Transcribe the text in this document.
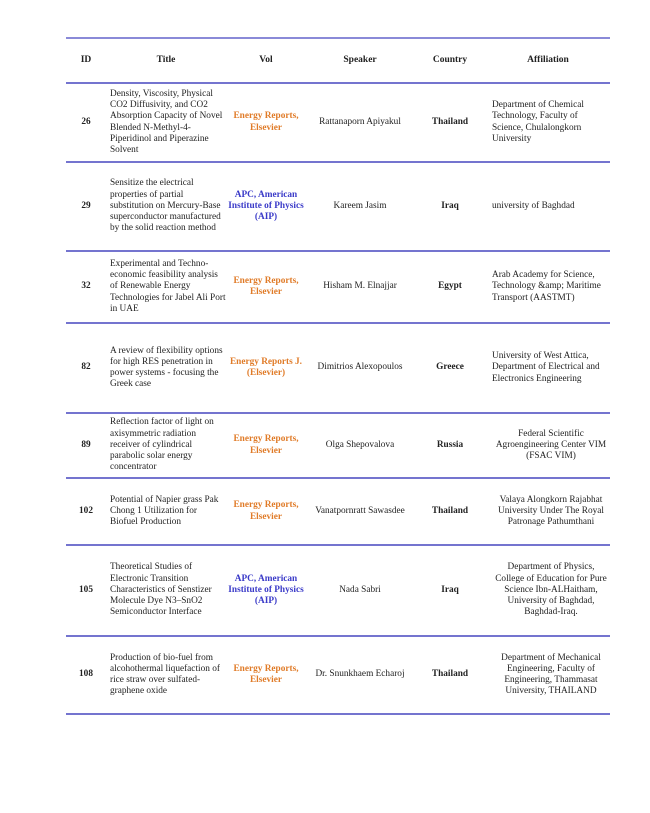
ID	Title	Vol	Speaker	Country	Affiliation
26	Density, Viscosity, Physical CO2 Diffusivity, and CO2 Absorption Capacity of Novel Blended N-Methyl-4-Piperidinol and Piperazine Solvent	Energy Reports, Elsevier	Rattanaporn Apiyakul	Thailand	Department of Chemical Technology, Faculty of Science, Chulalongkorn University
29	Sensitize the electrical properties of partial substitution on Mercury-Base superconductor manufactured by the solid reaction method	APC, American Institute of Physics (AIP)	Kareem Jasim	Iraq	university of Baghdad
32	Experimental and Techno-economic feasibility analysis of Renewable Energy Technologies for Jabel Ali Port in UAE	Energy Reports, Elsevier	Hisham M. Elnajjar	Egypt	Arab Academy for Science, Technology &amp; Maritime Transport (AASTMT)
82	A review of flexibility options for high RES penetration in power systems - focusing the Greek case	Energy Reports J. (Elsevier)	Dimitrios Alexopoulos	Greece	University of West Attica, Department of Electrical and Electronics Engineering
89	Reflection factor of light on axisymmetric radiation receiver of cylindrical parabolic solar energy concentrator	Energy Reports, Elsevier	Olga Shepovalova	Russia	Federal Scientific Agroengineering Center VIM (FSAC VIM)
102	Potential of Napier grass Pak Chong 1 Utilization for Biofuel Production	Energy Reports, Elsevier	Vanatpornratt Sawasdee	Thailand	Valaya Alongkorn Rajabhat University Under The Royal Patronage Pathumthani
105	Theoretical Studies of Electronic Transition Characteristics of Senstizer Molecule Dye N3–SnO2 Semiconductor Interface	APC, American Institute of Physics (AIP)	Nada Sabri	Iraq	Department of Physics, College of Education for Pure Science Ibn-ALHaitham, University of Baghdad, Baghdad-Iraq.
108	Production of bio-fuel from alcohothermal liquefaction of rice straw over sulfated-graphene oxide	Energy Reports, Elsevier	Dr. Snunkhaem Echaroj	Thailand	Department of Mechanical Engineering, Faculty of Engineering, Thammasat University, THAILAND
